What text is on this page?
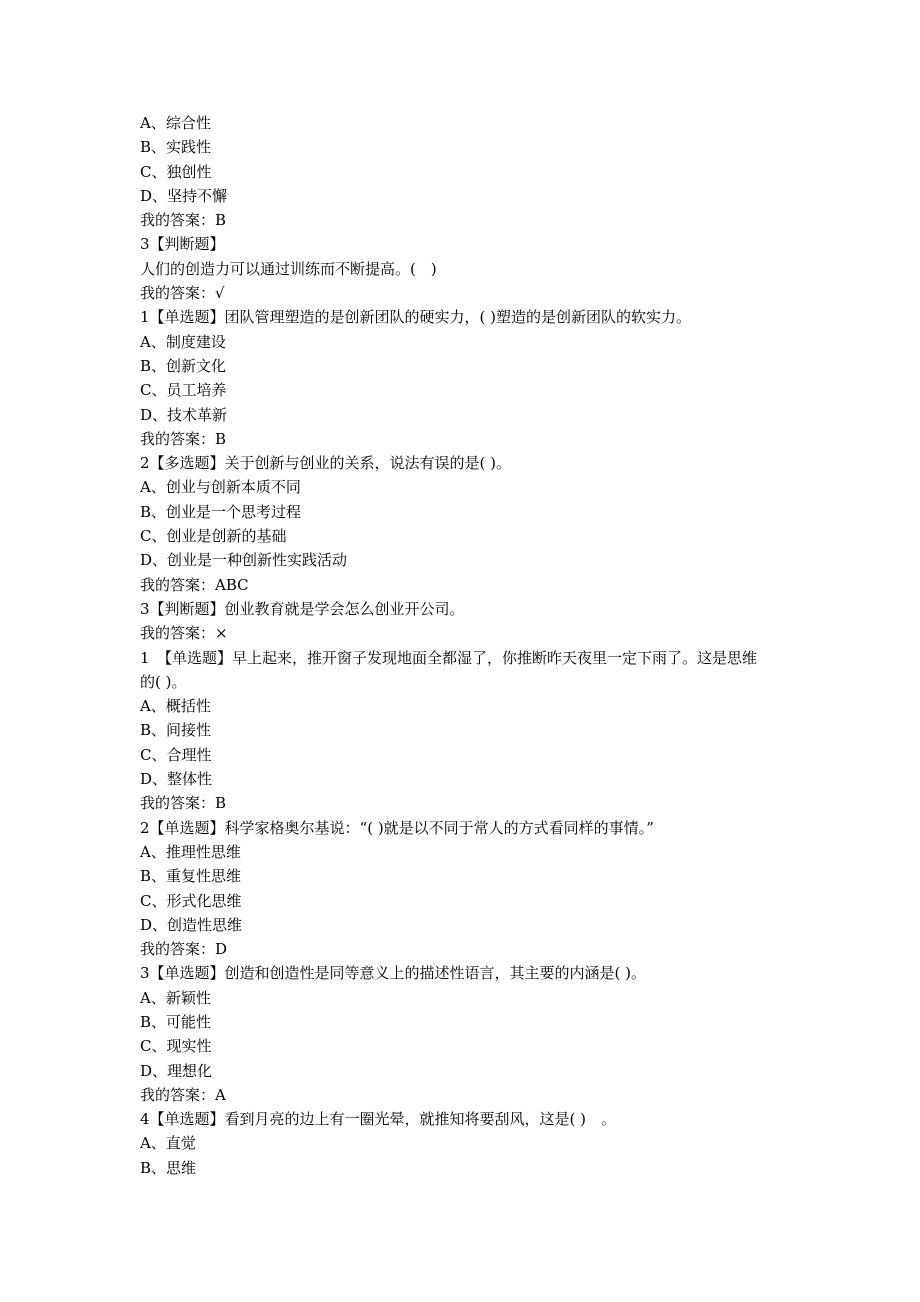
A、综合性
B、实践性
C、独创性
D、坚持不懈
我的答案：B
3【判断题】
人们的创造力可以通过训练而不断提高。(　)
我的答案：√
1【单选题】团队管理塑造的是创新团队的硬实力，( )塑造的是创新团队的软实力。
A、制度建设
B、创新文化
C、员工培养
D、技术革新
我的答案：B
2【多选题】关于创新与创业的关系，说法有误的是( )。
A、创业与创新本质不同
B、创业是一个思考过程
C、创业是创新的基础
D、创业是一种创新性实践活动
我的答案：ABC
3【判断题】创业教育就是学会怎么创业开公司。
我的答案：×
1　【单选题】早上起来，推开窗子发现地面全都湿了，你推断昨天夜里一定下雨了。这是思维
的( )。
A、概括性
B、间接性
C、合理性
D、整体性
我的答案：B
2【单选题】科学家格奥尔基说：“( )就是以不同于常人的方式看同样的事情。”
A、推理性思维
B、重复性思维
C、形式化思维
D、创造性思维
我的答案：D
3【单选题】创造和创造性是同等意义上的描述性语言，其主要的内涵是( )。
A、新颖性
B、可能性
C、现实性
D、理想化
我的答案：A
4【单选题】看到月亮的边上有一圈光晕，就推知将要刮风，这是( )　。
A、直觉
B、思维
